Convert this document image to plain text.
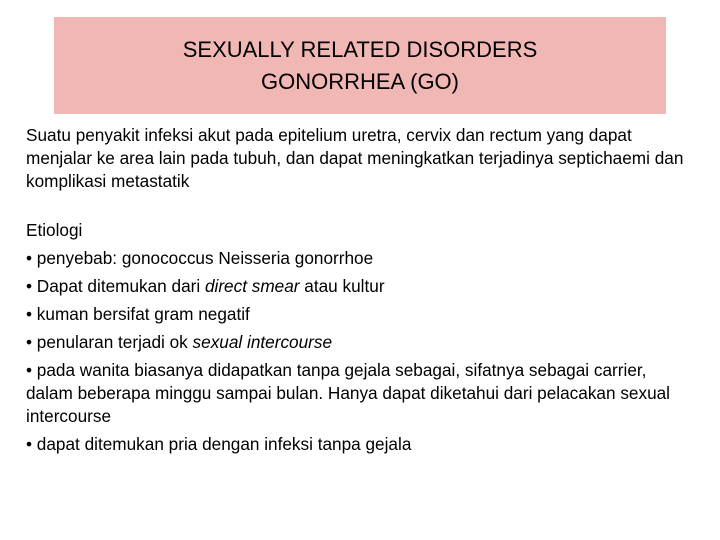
SEXUALLY RELATED DISORDERS
GONORRHEA (GO)

Suatu penyakit infeksi akut pada epitelium uretra, cervix dan rectum yang dapat menjalar ke area lain pada tubuh, dan dapat meningkatkan terjadinya septichaemi dan komplikasi metastatik

Etiologi

• penyebab: gonococcus Neisseria gonorrhoe
• Dapat ditemukan dari direct smear atau kultur
• kuman bersifat gram negatif
• penularan terjadi ok sexual intercourse
• pada wanita biasanya didapatkan tanpa gejala sebagai, sifatnya sebagai carrier, dalam beberapa minggu sampai bulan. Hanya dapat diketahui dari pelacakan sexual intercourse
• dapat ditemukan pria dengan infeksi tanpa gejala
